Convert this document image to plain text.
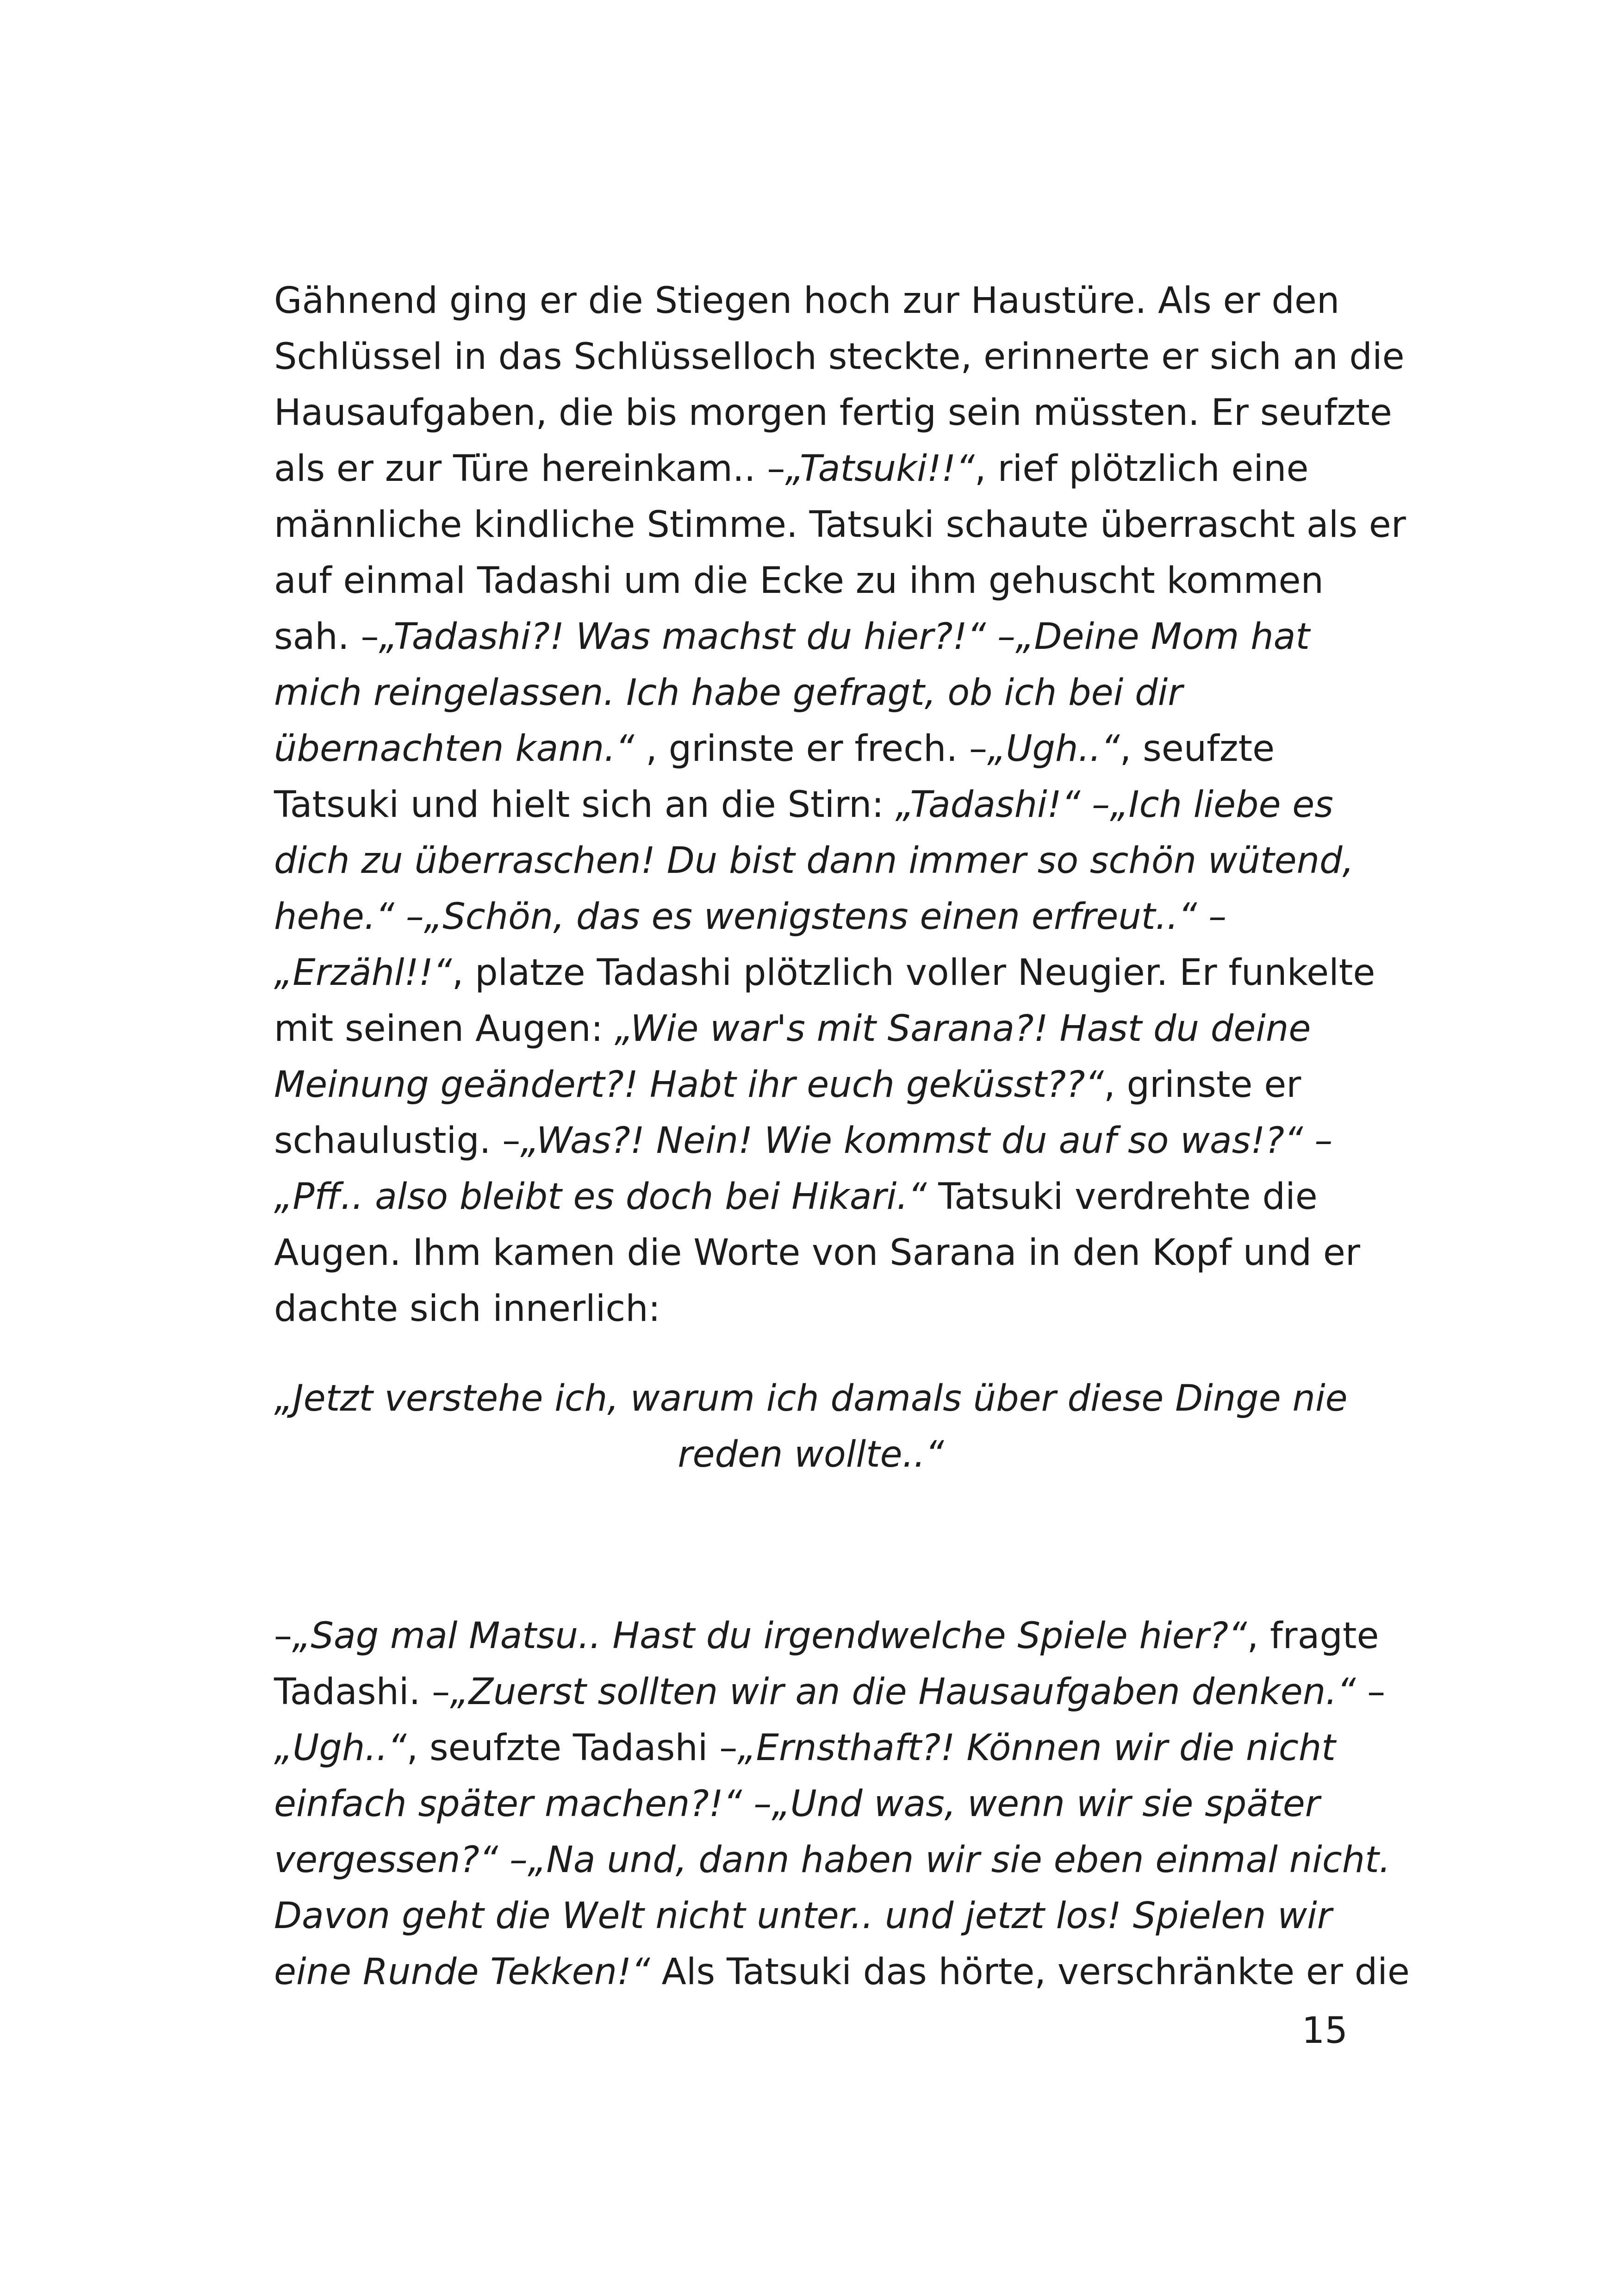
Gähnend ging er die Stiegen hoch zur Haustüre. Als er den
Schlüssel in das Schlüsselloch steckte, erinnerte er sich an die
Hausaufgaben, die bis morgen fertig sein müssten. Er seufzte
als er zur Türe hereinkam.. –„Tatsuki!!“, rief plötzlich eine
männliche kindliche Stimme. Tatsuki schaute überrascht als er
auf einmal Tadashi um die Ecke zu ihm gehuscht kommen
sah. –„Tadashi?! Was machst du hier?!“ –„Deine Mom hat
mich reingelassen. Ich habe gefragt, ob ich bei dir
übernachten kann.“ , grinste er frech. –„Ugh..“, seufzte
Tatsuki und hielt sich an die Stirn: „Tadashi!“ –„Ich liebe es
dich zu überraschen! Du bist dann immer so schön wütend,
hehe.“ –„Schön, das es wenigstens einen erfreut..“ –
„Erzähl!!“, platze Tadashi plötzlich voller Neugier. Er funkelte
mit seinen Augen: „Wie war's mit Sarana?! Hast du deine
Meinung geändert?! Habt ihr euch geküsst??“, grinste er
schaulustig. –„Was?! Nein! Wie kommst du auf so was!?“ –
„Pff.. also bleibt es doch bei Hikari.“ Tatsuki verdrehte die
Augen. Ihm kamen die Worte von Sarana in den Kopf und er
dachte sich innerlich:
„Jetzt verstehe ich, warum ich damals über diese Dinge nie
reden wollte..“
–„Sag mal Matsu.. Hast du irgendwelche Spiele hier?“, fragte
Tadashi. –„Zuerst sollten wir an die Hausaufgaben denken.“ –
„Ugh..“, seufzte Tadashi –„Ernsthaft?! Können wir die nicht
einfach später machen?!“ –„Und was, wenn wir sie später
vergessen?“ –„Na und, dann haben wir sie eben einmal nicht.
Davon geht die Welt nicht unter.. und jetzt los! Spielen wir
eine Runde Tekken!“ Als Tatsuki das hörte, verschränkte er die
15
